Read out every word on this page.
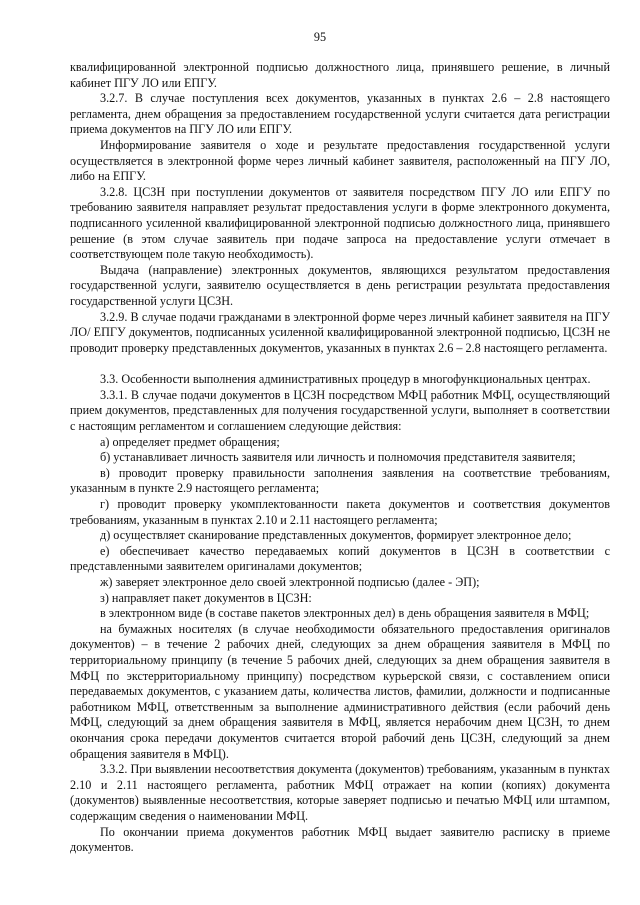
95

квалифицированной электронной подписью должностного лица, принявшего решение, в личный кабинет ПГУ ЛО или ЕПГУ.

3.2.7. В случае поступления всех документов, указанных в пунктах 2.6 – 2.8 настоящего регламента, днем обращения за предоставлением государственной услуги считается дата регистрации приема документов на ПГУ ЛО или ЕПГУ.

Информирование заявителя о ходе и результате предоставления государственной услуги осуществляется в электронной форме через личный кабинет заявителя, расположенный на ПГУ ЛО, либо на ЕПГУ.

3.2.8. ЦСЗН при поступлении документов от заявителя посредством ПГУ ЛО или ЕПГУ по требованию заявителя направляет результат предоставления услуги в форме электронного документа, подписанного усиленной квалифицированной электронной подписью должностного лица, принявшего решение (в этом случае заявитель при подаче запроса на предоставление услуги отмечает в соответствующем поле такую необходимость).

Выдача (направление) электронных документов, являющихся результатом предоставления государственной услуги, заявителю осуществляется в день регистрации результата предоставления государственной услуги ЦСЗН.

3.2.9. В случае подачи гражданами в электронной форме через личный кабинет заявителя на ПГУ ЛО/ ЕПГУ документов, подписанных усиленной квалифицированной электронной подписью, ЦСЗН не проводит проверку представленных документов, указанных в пунктах 2.6 – 2.8 настоящего регламента.

3.3. Особенности выполнения административных процедур в многофункциональных центрах.

3.3.1. В случае подачи документов в ЦСЗН посредством МФЦ работник МФЦ, осуществляющий прием документов, представленных для получения государственной услуги, выполняет в соответствии с настоящим регламентом и соглашением следующие действия:

а) определяет предмет обращения;

б) устанавливает личность заявителя или личность и полномочия представителя заявителя;

в) проводит проверку правильности заполнения заявления на соответствие требованиям, указанным в пункте 2.9 настоящего регламента;

г) проводит проверку укомплектованности пакета документов и соответствия документов требованиям, указанным в пунктах 2.10 и 2.11 настоящего регламента;

д) осуществляет сканирование представленных документов, формирует электронное дело;

е) обеспечивает качество передаваемых копий документов в ЦСЗН в соответствии с представленными заявителем оригиналами документов;

ж) заверяет электронное дело своей электронной подписью (далее - ЭП);

з) направляет пакет документов в ЦСЗН:

в электронном виде (в составе пакетов электронных дел) в день обращения заявителя в МФЦ;

на бумажных носителях (в случае необходимости обязательного предоставления оригиналов документов) – в течение 2 рабочих дней, следующих за днем обращения заявителя в МФЦ по территориальному принципу (в течение 5 рабочих дней, следующих за днем обращения заявителя в МФЦ по экстерриториальному принципу) посредством курьерской связи, с составлением описи передаваемых документов, с указанием даты, количества листов, фамилии, должности и подписанные работником МФЦ, ответственным за выполнение административного действия (если рабочий день МФЦ, следующий за днем обращения заявителя в МФЦ, является нерабочим днем ЦСЗН, то днем окончания срока передачи документов считается второй рабочий день ЦСЗН, следующий за днем обращения заявителя в МФЦ).

3.3.2. При выявлении несоответствия документа (документов) требованиям, указанным в пунктах 2.10 и 2.11 настоящего регламента, работник МФЦ отражает на копии (копиях) документа (документов) выявленные несоответствия, которые заверяет подписью и печатью МФЦ или штампом, содержащим сведения о наименовании МФЦ.

По окончании приема документов работник МФЦ выдает заявителю расписку в приеме документов.
